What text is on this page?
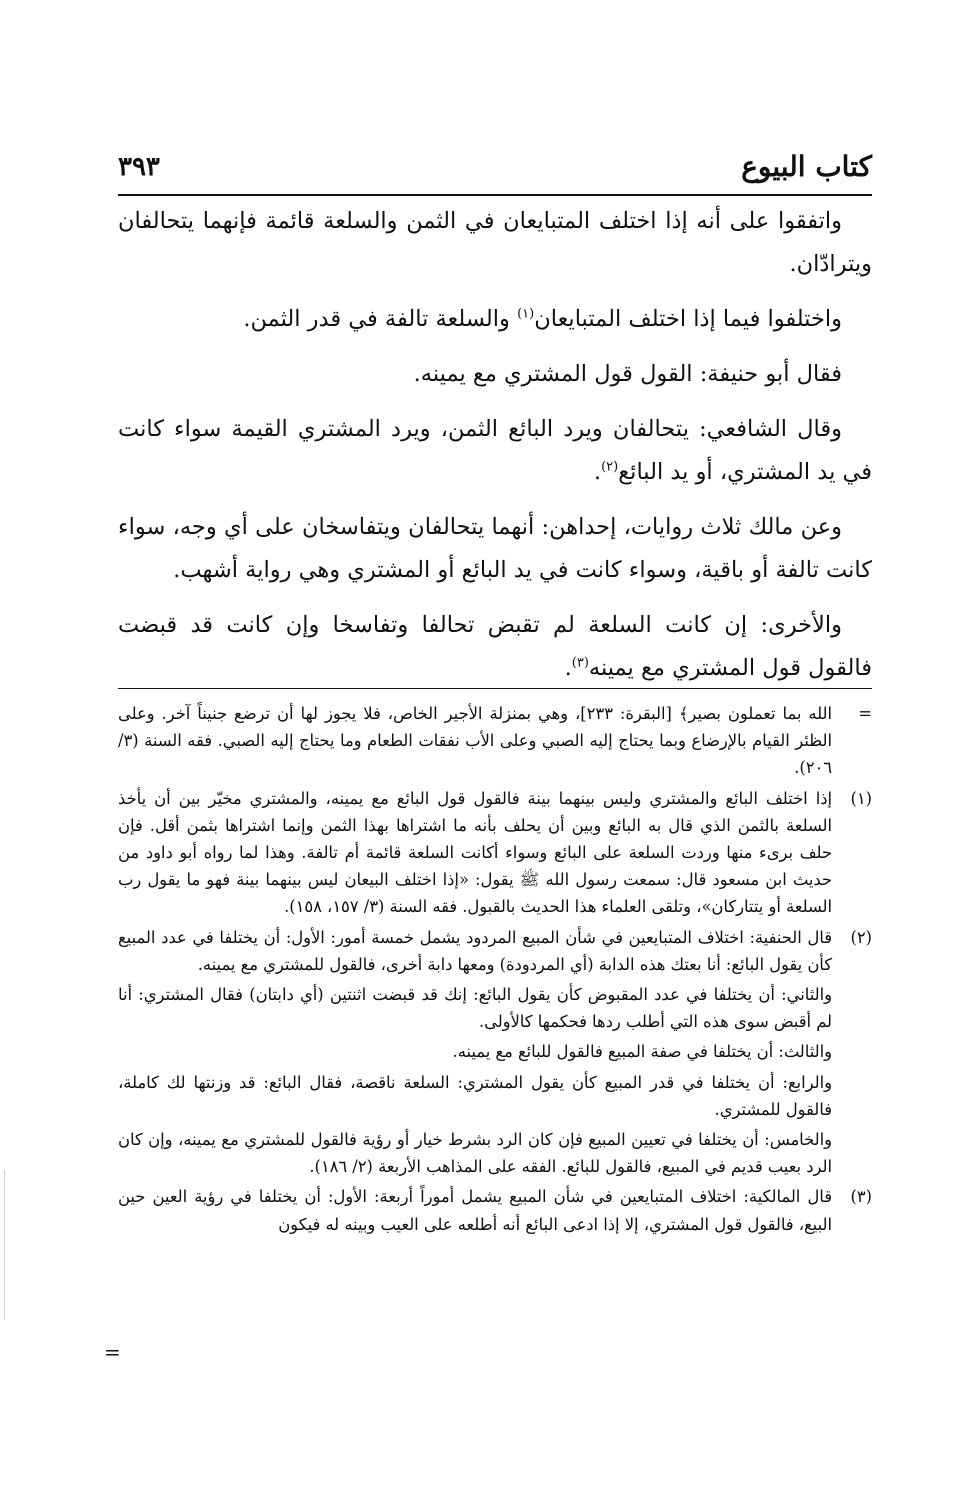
كتاب البيوع
٣٩٣

واتفقوا على أنه إذا اختلف المتبايعان في الثمن والسلعة قائمة فإنهما يتحالفان ويترادّان.

واختلفوا فيما إذا اختلف المتبايعان$^{(١)}$ والسلعة تالفة في قدر الثمن.

فقال أبو حنيفة: القول قول المشتري مع يمينه.

وقال الشافعي: يتحالفان ويرد البائع الثمن، ويرد المشتري القيمة سواء كانت في يد المشتري، أو يد البائع$^{(٢)}$.

وعن مالك ثلاث روايات، إحداهن: أنهما يتحالفان ويتفاسخان على أي وجه، سواء كانت تالفة أو باقية، وسواء كانت في يد البائع أو المشتري وهي رواية أشهب.

والأخرى: إن كانت السلعة لم تقبض تحالفا وتفاسخا وإن كانت قد قبضت فالقول قول المشتري مع يمينه$^{(٣)}$.

=

الله بما تعملون بصير﴾ [البقرة: ٢٣٣]، وهي بمنزلة الأجير الخاص، فلا يجوز لها أن ترضع جنيناً آخر. وعلى الظئر القيام بالإرضاع وبما يحتاج إليه الصبي وعلى الأب نفقات الطعام وما يحتاج إليه الصبي. فقه السنة (٣/ ٢٠٦).

(١)

إذا اختلف البائع والمشتري وليس بينهما بينة فالقول قول البائع مع يمينه، والمشتري مخيّر بين أن يأخذ السلعة بالثمن الذي قال به البائع وبين أن يحلف بأنه ما اشتراها بهذا الثمن وإنما اشتراها بثمن أقل. فإن حلف برىء منها وردت السلعة على البائع وسواء أكانت السلعة قائمة أم تالفة. وهذا لما رواه أبو داود من حديث ابن مسعود قال: سمعت رسول الله ﷺ يقول: «إذا اختلف البيعان ليس بينهما بينة فهو ما يقول رب السلعة أو يتتاركان»، وتلقى العلماء هذا الحديث بالقبول. فقه السنة (٣/ ١٥٧، ١٥٨).

(٢)

قال الحنفية: اختلاف المتبايعين في شأن المبيع المردود يشمل خمسة أمور: الأول: أن يختلفا في عدد المبيع كأن يقول البائع: أنا بعتك هذه الدابة (أي المردودة) ومعها دابة أخرى، فالقول للمشتري مع يمينه.

والثاني: أن يختلفا في عدد المقبوض كأن يقول البائع: إنك قد قبضت اثنتين (أي دابتان) فقال المشتري: أنا لم أقبض سوى هذه التي أطلب ردها فحكمها كالأولى.

والثالث: أن يختلفا في صفة المبيع فالقول للبائع مع يمينه.

والرابع: أن يختلفا في قدر المبيع كأن يقول المشتري: السلعة ناقصة، فقال البائع: قد وزنتها لك كاملة، فالقول للمشتري.

والخامس: أن يختلفا في تعيين المبيع فإن كان الرد بشرط خيار أو رؤية فالقول للمشتري مع يمينه، وإن كان الرد بعيب قديم في المبيع، فالقول للبائع. الفقه على المذاهب الأربعة (٢/ ١٨٦).

(٣)

قال المالكية: اختلاف المتبايعين في شأن المبيع يشمل أموراً أربعة: الأول: أن يختلفا في رؤية العين حين البيع، فالقول قول المشتري، إلا إذا ادعى البائع أنه أطلعه على العيب وبينه له فيكون

=
